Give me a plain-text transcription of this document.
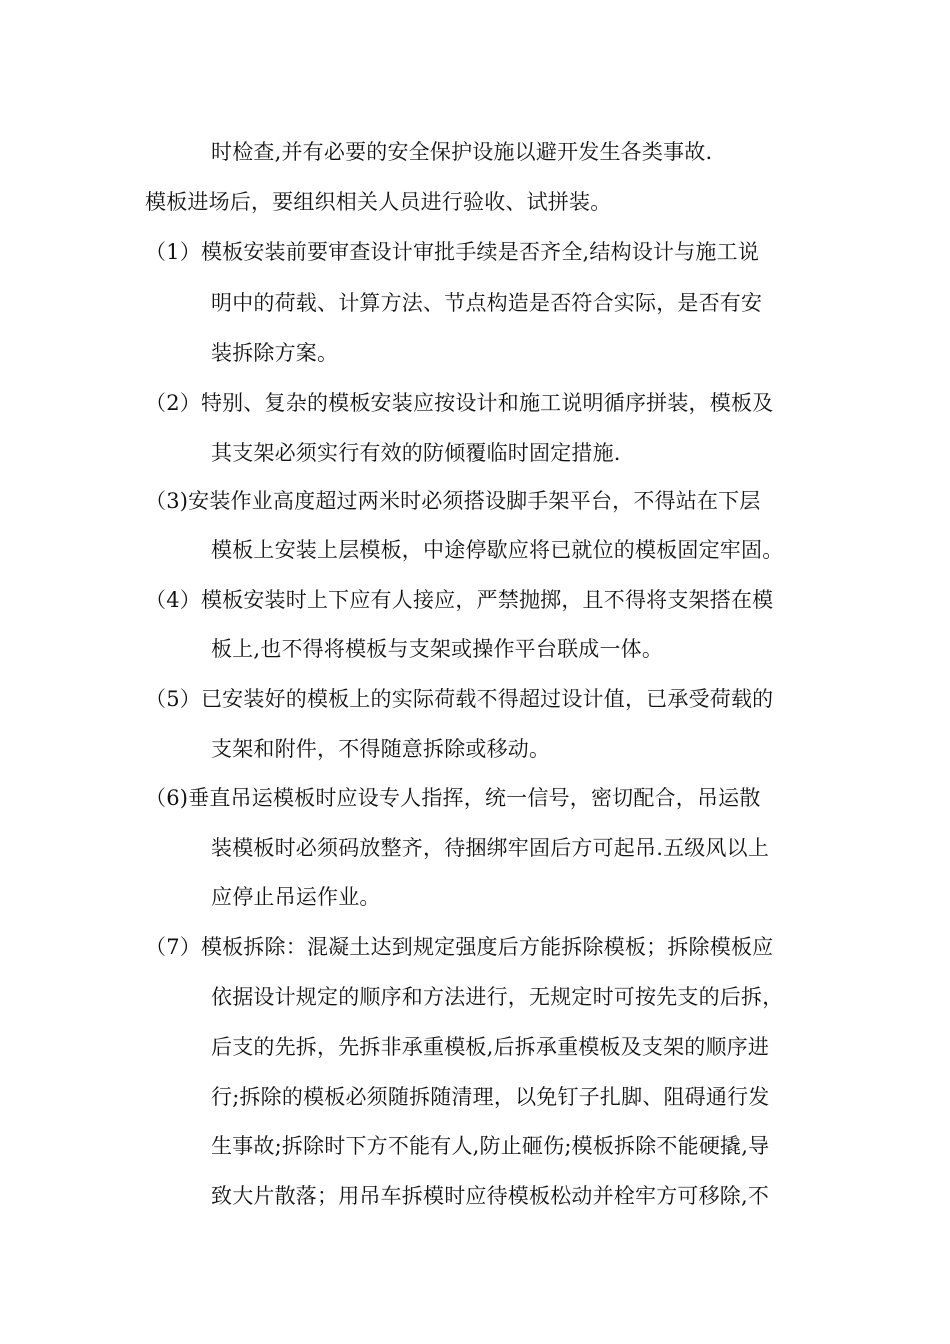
时检查,并有必要的安全保护设施以避开发生各类事故.
模板进场后，要组织相关人员进行验收、试拼装。
（1）模板安装前要审查设计审批手续是否齐全,结构设计与施工说
明中的荷载、计算方法、节点构造是否符合实际，是否有安
装拆除方案。
（2）特别、复杂的模板安装应按设计和施工说明循序拼装，模板及
其支架必须实行有效的防倾覆临时固定措施.
（3)安装作业高度超过两米时必须搭设脚手架平台，不得站在下层
模板上安装上层模板，中途停歇应将已就位的模板固定牢固。
（4）模板安装时上下应有人接应，严禁抛掷，且不得将支架搭在模
板上,也不得将模板与支架或操作平台联成一体。
（5）已安装好的模板上的实际荷载不得超过设计值，已承受荷载的
支架和附件，不得随意拆除或移动。
（6)垂直吊运模板时应设专人指挥，统一信号，密切配合，吊运散
装模板时必须码放整齐，待捆绑牢固后方可起吊.五级风以上
应停止吊运作业。
（7）模板拆除：混凝土达到规定强度后方能拆除模板；拆除模板应
依据设计规定的顺序和方法进行，无规定时可按先支的后拆，
后支的先拆，先拆非承重模板,后拆承重模板及支架的顺序进
行;拆除的模板必须随拆随清理，以免钉子扎脚、阻碍通行发
生事故;拆除时下方不能有人,防止砸伤;模板拆除不能硬撬,导
致大片散落；用吊车拆模时应待模板松动并栓牢方可移除,不
